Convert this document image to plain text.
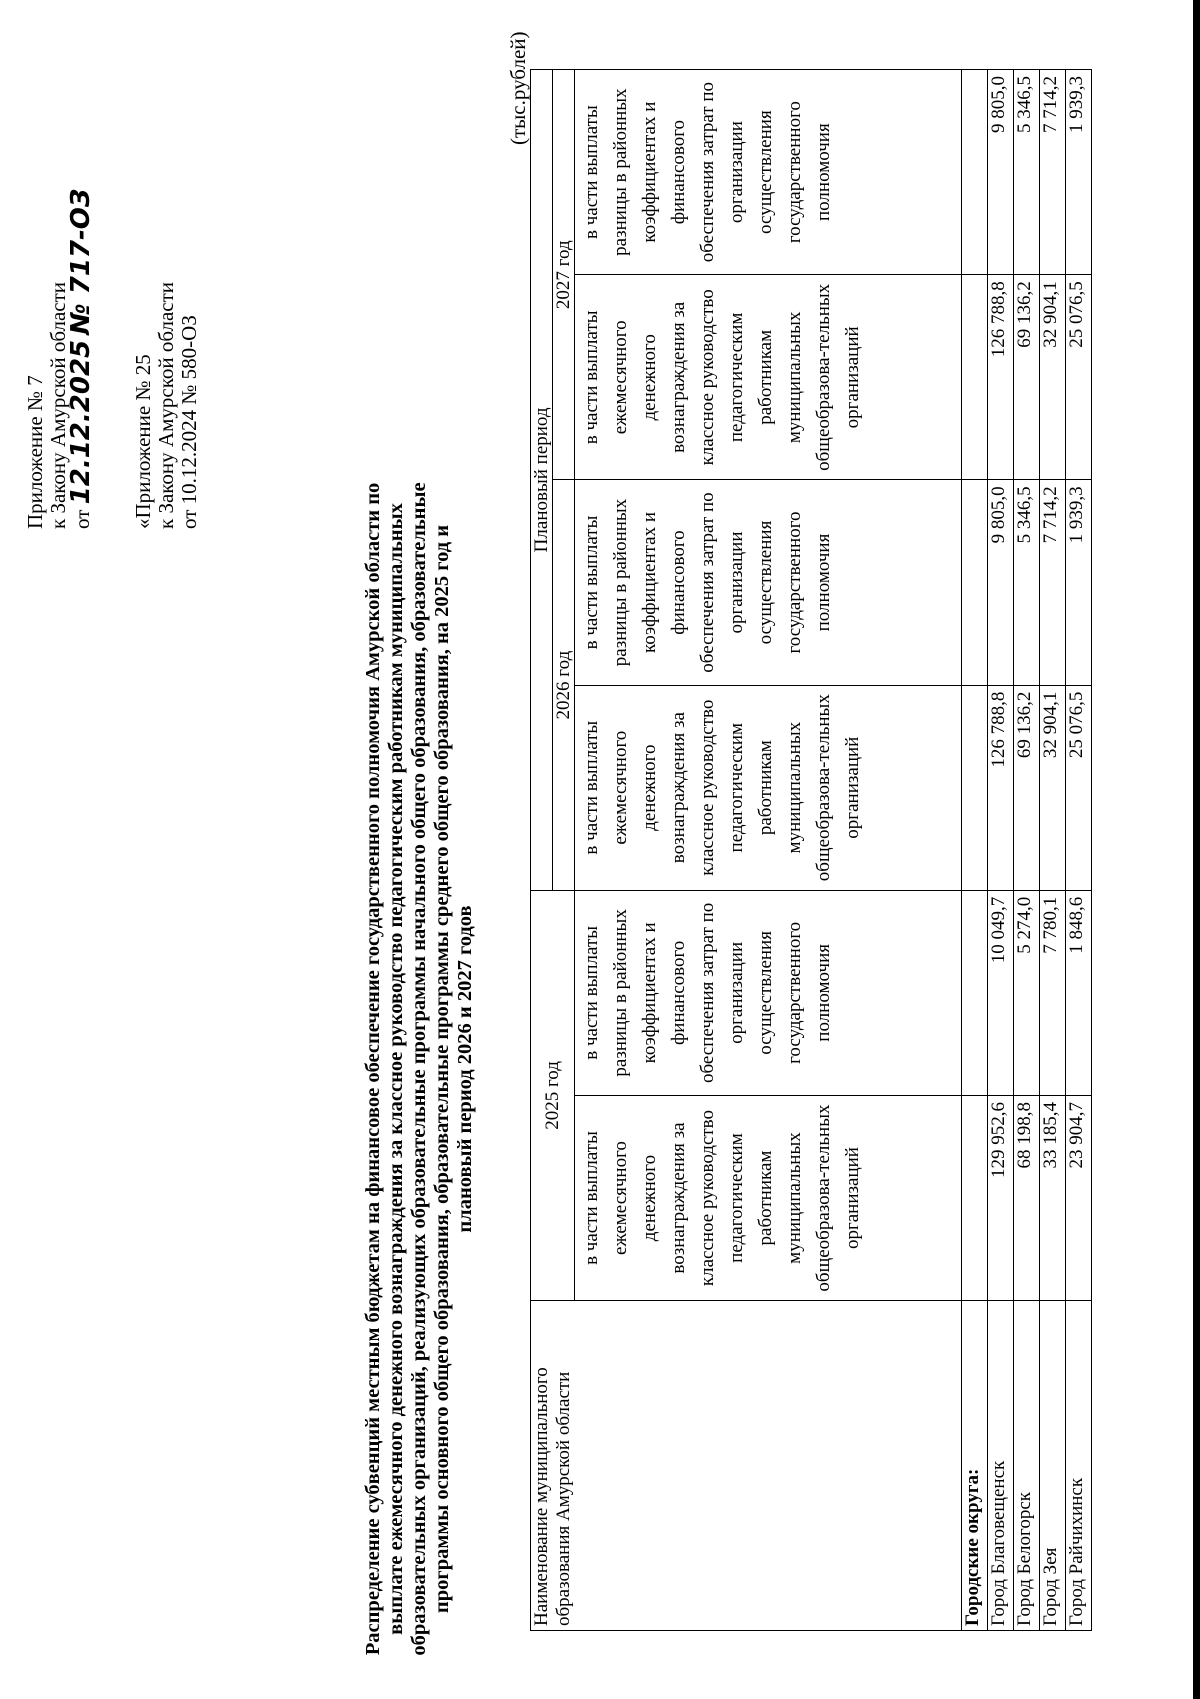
Приложение № 7 к Закону Амурской области от 12.12.2025 № 717-ОЗ
«Приложение № 25 к Закону Амурской области от 10.12.2024 № 580-ОЗ
Распределение субвенций местным бюджетам на финансовое обеспечение государственного полномочия Амурской области по выплате ежемесячного денежного вознаграждения за классное руководство педагогическим работникам муниципальных образовательных организаций, реализующих образовательные программы начального общего образования, образовательные программы основного общего образования, образовательные программы среднего общего образования, на 2025 год и плановый период 2026 и 2027 годов
(тыс.рублей)
Наименование муниципального образования Амурской области	2025 год		Плановый период			
			2026 год		2027 год	
	в части выплаты ежемесячного денежного вознаграждения за классное руководство педагогическим работникам муниципальных общеобразова-тельных организаций	в части выплаты разницы в районных коэффициентах и финансового обеспечения затрат по организации осуществления государственного полномочия	в части выплаты ежемесячного денежного вознаграждения за классное руководство педагогическим работникам муниципальных общеобразова-тельных организаций	в части выплаты разницы в районных коэффициентах и финансового обеспечения затрат по организации осуществления государственного полномочия	в части выплаты ежемесячного денежного вознаграждения за классное руководство педагогическим работникам муниципальных общеобразова-тельных организаций	в части выплаты разницы в районных коэффициентах и финансового обеспечения затрат по организации осуществления государственного полномочия
Городские округа:						
Город Благовещенск	129 952,6	10 049,7	126 788,8	9 805,0	126 788,8	9 805,0
Город Белогорск	68 198,8	5 274,0	69 136,2	5 346,5	69 136,2	5 346,5
Город Зея	33 185,4	7 780,1	32 904,1	7 714,2	32 904,1	7 714,2
Город Райчихинск	23 904,7	1 848,6	25 076,5	1 939,3	25 076,5	1 939,3
